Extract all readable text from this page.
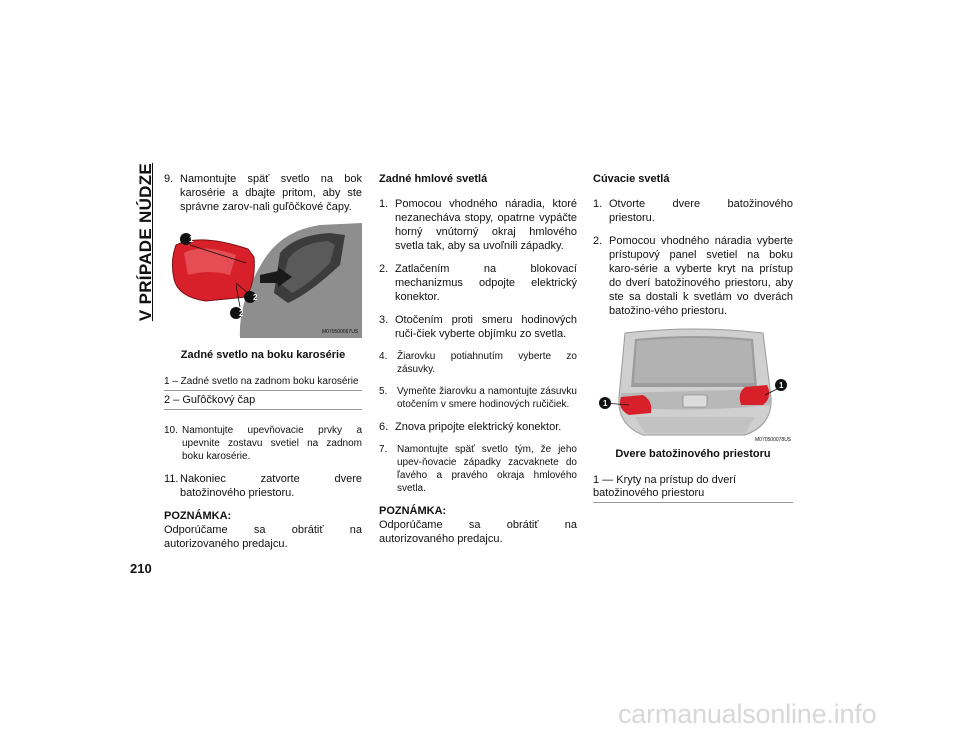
V PRÍPADE NÚDZE 9. Namontujte späť svetlo na bok karosérie a dbajte pritom, aby ste správne zarov-nali guľôčkové čapy.
M070500067US
1
2
2
Zadné svetlo na boku karosérie
1 – Zadné svetlo na zadnom boku karosérie
2 – Guľôčkový čap
10. Namontujte upevňovacie prvky a upevnite zostavu svetiel na zadnom boku karosérie.
11. Nakoniec zatvorte dvere batožinového priestoru.
POZNÁMKA:
Odporúčame sa obrátiť na autorizovaného predajcu.
Zadné hmlové svetlá
1. Pomocou vhodného náradia, ktoré nezanecháva stopy, opatrne vypáčte horný vnútorný okraj hmlového svetla tak, aby sa uvoľnili západky.
2. Zatlačením na blokovací mechanizmus odpojte elektrický konektor.
3. Otočením proti smeru hodinových ruči-čiek vyberte objímku zo svetla.
4. Žiarovku potiahnutím vyberte zo zásuvky.
5. Vymeňte žiarovku a namontujte zásuvku otočením v smere hodinových ručičiek.
6. Znova pripojte elektrický konektor.
7. Namontujte späť svetlo tým, že jeho upev-ňovacie západky zacvaknete do ľavého a pravého okraja hmlového svetla.
POZNÁMKA:
Odporúčame sa obrátiť na autorizovaného predajcu.
Cúvacie svetlá
1. Otvorte dvere batožinového priestoru.
2. Pomocou vhodného náradia vyberte prístupový panel svetiel na boku karo-série a vyberte kryt na prístup do dverí batožinového priestoru, aby ste sa dostali k svetlám vo dverách batožino-vého priestoru.
M070500078US
1
1
Dvere batožinového priestoru
1 — Kryty na prístup do dverí batožinového priestoru
210
carmanualsonline.info
